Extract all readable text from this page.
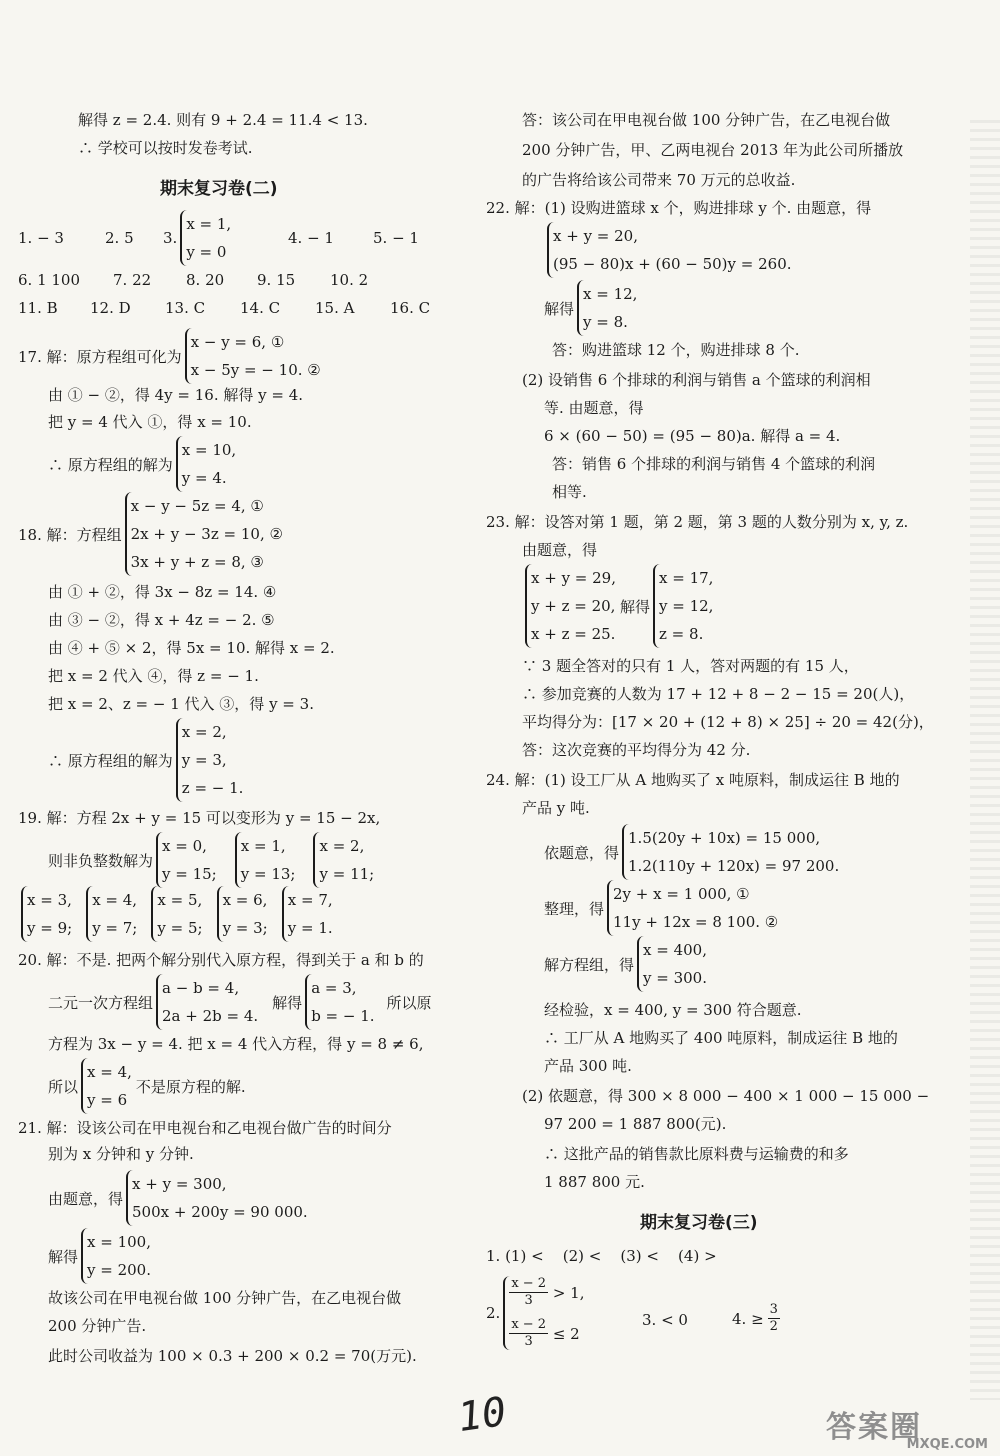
解得 z = 2.4. 则有 9 + 2.4 = 11.4 < 13.
∴ 学校可以按时发卷考试.
期末复习卷(二)
1. − 3	2. 5 3.
x = 1,
y = 0
4. − 1	5. − 1
6. 1 100 7. 22 8. 20 9. 15 10. 2
11. B 12. D 13. C 14. C 15. A 16. C
17. 解：原方程组可化为
x − y = 6, ①
x − 5y = − 10. ②
由 ① − ②，得 4y = 16. 解得 y = 4.
把 y = 4 代入 ①，得 x = 10.
∴ 原方程组的解为
x = 10,
y = 4.
18. 解：方程组
x − y − 5z = 4, ①
2x + y − 3z = 10, ②
3x + y + z = 8, ③
由 ① + ②，得 3x − 8z = 14. ④
由 ③ − ②，得 x + 4z = − 2. ⑤
由 ④ + ⑤ × 2，得 5x = 10. 解得 x = 2.
把 x = 2 代入 ④，得 z = − 1.
把 x = 2、z = − 1 代入 ③，得 y = 3.
∴ 原方程组的解为
x = 2,
y = 3,
z = − 1.
19. 解：方程 2x + y = 15 可以变形为 y = 15 − 2x,
则非负整数解为
x = 0,
y = 15;
x = 1,
y = 13;
x = 2,
y = 11;
x = 3,
y = 9;
x = 4,
y = 7;
x = 5,
y = 5;
x = 6,
y = 3;
x = 7,
y = 1.
20. 解：不是. 把两个解分别代入原方程，得到关于 a 和 b 的
二元一次方程组
a − b = 4,
2a + 2b = 4.
解得
a = 3,
b = − 1.
所以原
方程为 3x − y = 4. 把 x = 4 代入方程，得 y = 8 ≠ 6,
所以
x = 4,
y = 6
不是原方程的解.
21. 解：设该公司在甲电视台和乙电视台做广告的时间分
别为 x 分钟和 y 分钟.
由题意，得
x + y = 300,
500x + 200y = 90 000.
解得
x = 100,
y = 200.
故该公司在甲电视台做 100 分钟广告，在乙电视台做
200 分钟广告.
此时公司收益为 100 × 0.3 + 200 × 0.2 = 70(万元).
答：该公司在甲电视台做 100 分钟广告，在乙电视台做
200 分钟广告，甲、乙两电视台 2013 年为此公司所播放
的广告将给该公司带来 70 万元的总收益.
22. 解：(1) 设购进篮球 x 个，购进排球 y 个. 由题意，得
x + y = 20,
(95 − 80)x + (60 − 50)y = 260.
解得
x = 12,
y = 8.
答：购进篮球 12 个，购进排球 8 个.
(2) 设销售 6 个排球的利润与销售 a 个篮球的利润相
等. 由题意，得
6 × (60 − 50) = (95 − 80)a. 解得 a = 4.
答：销售 6 个排球的利润与销售 4 个篮球的利润
相等.
23. 解：设答对第 1 题，第 2 题，第 3 题的人数分别为 x, y, z.
由题意，得
x + y = 29,
y + z = 20,
x + z = 25.
解得
x = 17,
y = 12,
z = 8.
∵ 3 题全答对的只有 1 人，答对两题的有 15 人，
∴ 参加竞赛的人数为 17 + 12 + 8 − 2 − 15 = 20(人)，
平均得分为：[17 × 20 + (12 + 8) × 25] ÷ 20 = 42(分)，
答：这次竞赛的平均得分为 42 分.
24. 解：(1) 设工厂从 A 地购买了 x 吨原料，制成运往 B 地的
产品 y 吨.
依题意，得
1.5(20y + 10x) = 15 000,
1.2(110y + 120x) = 97 200.
整理，得
2y + x = 1 000, ①
11y + 12x = 8 100. ②
解方程组，得
x = 400,
y = 300.
经检验，x = 400, y = 300 符合题意.
∴ 工厂从 A 地购买了 400 吨原料，制成运往 B 地的
产品 300 吨.
(2) 依题意，得 300 × 8 000 − 400 × 1 000 − 15 000 −
97 200 = 1 887 800(元).
∴ 这批产品的销售款比原料费与运输费的和多
1 887 800 元.
期末复习卷(三)
1. (1) <    (2) <    (3) <    (4) >
2.
$\frac{x - 2}{3} > 1$,
$\frac{x - 2}{3} \le 2$
3. < 0	4. ≥ $\frac{3}{2}$
10	答案圈
MXQE.COM
